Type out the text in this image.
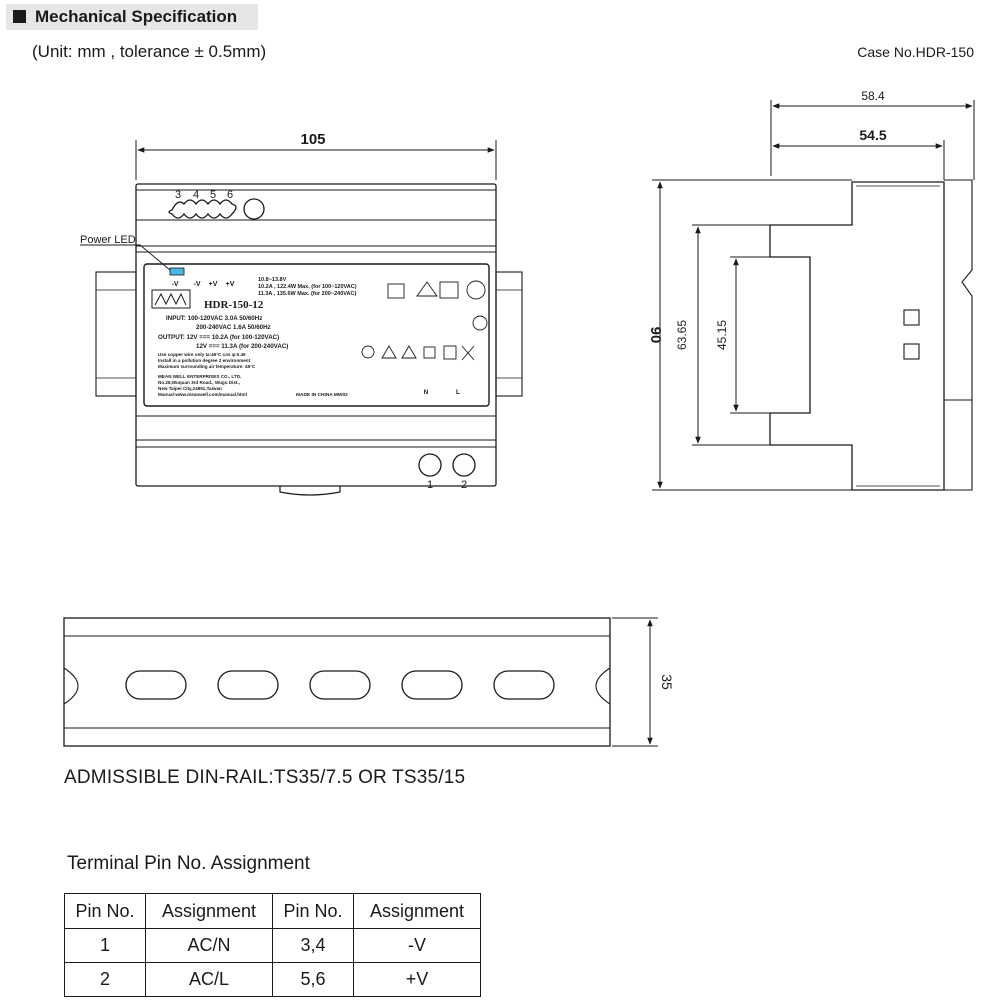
Mechanical Specification
(Unit: mm , tolerance ± 0.5mm)	Case No.HDR-150
105
3 4 5 6
Power LED
1	2
-V -V +V +V
10.8~13.8V
10.2A , 122.4W Max. (for 100~120VAC)
11.3A , 135.6W Max. (for 200~240VAC)
HDR-150-12
INPUT: 100-120VAC 3.0A 50/60Hz
200-240VAC 1.6A 50/60Hz
OUTPUT: 12V === 10.2A (for 100-120VAC)
12V === 11.3A (for 200-240VAC)
Use copper wire only ta:45°C cos φ:0.45
Install in a pollution degree 2 environment
Maximum surrounding air temperature: 45°C
MEAN WELL ENTERPRISES CO., LTD.
No.28,Wuquan 3rd Road., Wugu Dist.,
New Taipei City,24891,Taiwan
Manual:www.meanwell.com/manual.html	MADE IN CHINA MW02	N	L
58.4
54.5
90 63.65 45.15
35
ADMISSIBLE DIN-RAIL:TS35/7.5 OR TS35/15
Terminal Pin No. Assignment
Pin No.	Assignment	Pin No.	Assignment
1	AC/N	3,4	-V
2	AC/L	5,6	+V
